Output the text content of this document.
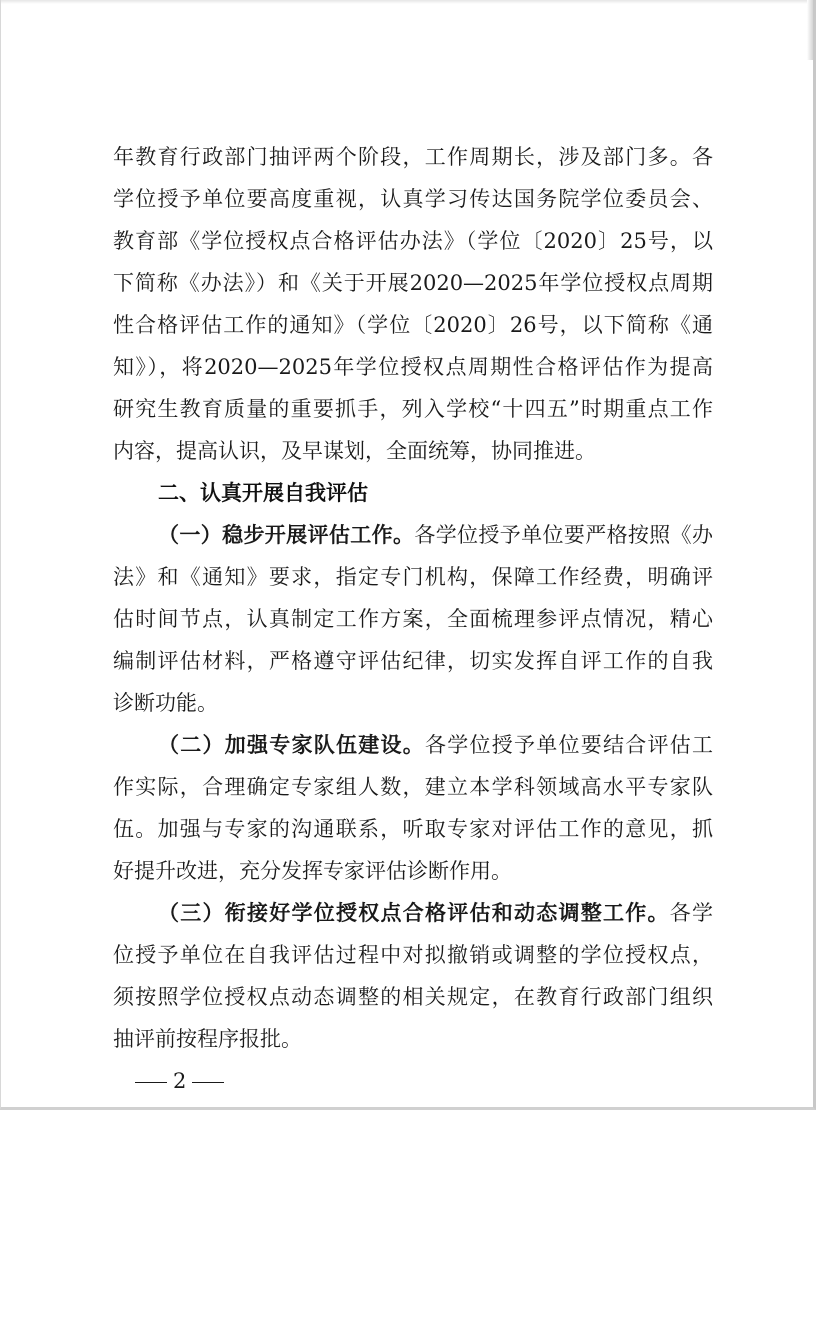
年教育行政部门抽评两个阶段，工作周期长，涉及部门多。各

学位授予单位要高度重视，认真学习传达国务院学位委员会、

教育部《学位授权点合格评估办法》（学位〔2020〕25号，以

下简称《办法》）和《关于开展2020—2025年学位授权点周期

性合格评估工作的通知》（学位〔2020〕26号，以下简称《通

知》），将2020—2025年学位授权点周期性合格评估作为提高

研究生教育质量的重要抓手，列入学校“十四五”时期重点工作

内容，提高认识，及早谋划，全面统筹，协同推进。

二、认真开展自我评估

（一）稳步开展评估工作。各学位授予单位要严格按照《办

法》和《通知》要求，指定专门机构，保障工作经费，明确评

估时间节点，认真制定工作方案，全面梳理参评点情况，精心

编制评估材料，严格遵守评估纪律，切实发挥自评工作的自我

诊断功能。

（二）加强专家队伍建设。各学位授予单位要结合评估工

作实际，合理确定专家组人数，建立本学科领域高水平专家队

伍。加强与专家的沟通联系，听取专家对评估工作的意见，抓

好提升改进，充分发挥专家评估诊断作用。

（三）衔接好学位授权点合格评估和动态调整工作。各学

位授予单位在自我评估过程中对拟撤销或调整的学位授权点，

须按照学位授权点动态调整的相关规定，在教育行政部门组织

抽评前按程序报批。

2
